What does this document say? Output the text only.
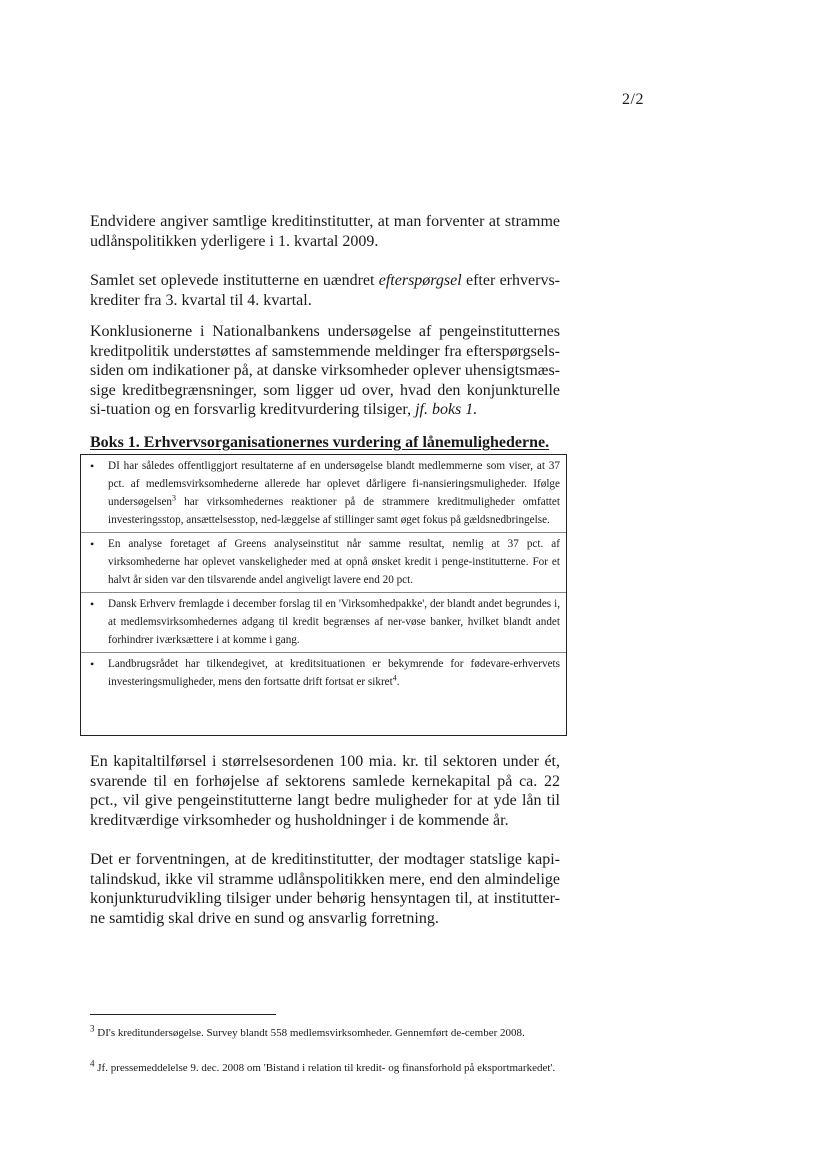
2/2

Endvidere angiver samtlige kreditinstitutter, at man forventer at stramme udlånspolitikken yderligere i 1. kvartal 2009.

Samlet set oplevede institutterne en uændret efterspørgsel efter erhvervs-krediter fra 3. kvartal til 4. kvartal.

Konklusionerne i Nationalbankens undersøgelse af pengeinstitutternes kreditpolitik understøttes af samstemmende meldinger fra efterspørgsels-siden om indikationer på, at danske virksomheder oplever uhensigtsmæs-sige kreditbegrænsninger, som ligger ud over, hvad den konjunkturelle si-tuation og en forsvarlig kreditvurdering tilsiger, jf. boks 1.

Boks 1. Erhvervsorganisationernes vurdering af lånemulighederne.

• DI har således offentliggjort resultaterne af en undersøgelse blandt medlemmerne som viser, at 37 pct. af medlemsvirksomhederne allerede har oplevet dårligere fi-nansieringsmuligheder. Ifølge undersøgelsen$^3$ har virksomhedernes reaktioner på de strammere kreditmuligheder omfattet investeringsstop, ansættelsesstop, ned-læggelse af stillinger samt øget fokus på gældsnedbringelse.
• En analyse foretaget af Greens analyseinstitut når samme resultat, nemlig at 37 pct. af virksomhederne har oplevet vanskeligheder med at opnå ønsket kredit i penge-institutterne. For et halvt år siden var den tilsvarende andel angiveligt lavere end 20 pct.
• Dansk Erhverv fremlagde i december forslag til en 'Virksomhedpakke', der blandt andet begrundes i, at medlemsvirksomhedernes adgang til kredit begrænses af ner-vøse banker, hvilket blandt andet forhindrer iværksættere i at komme i gang.
• Landbrugsrådet har tilkendegivet, at kreditsituationen er bekymrende for fødevare-erhvervets investeringsmuligheder, mens den fortsatte drift fortsat er sikret$^4$.

En kapitaltilførsel i størrelsesordenen 100 mia. kr. til sektoren under ét, svarende til en forhøjelse af sektorens samlede kernekapital på ca. 22 pct., vil give pengeinstitutterne langt bedre muligheder for at yde lån til kreditværdige virksomheder og husholdninger i de kommende år.

Det er forventningen, at de kreditinstitutter, der modtager statslige kapi-talindskud, ikke vil stramme udlånspolitikken mere, end den almindelige konjunkturudvikling tilsiger under behørig hensyntagen til, at institutter-ne samtidig skal drive en sund og ansvarlig forretning.

$^3$ DI's kreditundersøgelse. Survey blandt 558 medlemsvirksomheder. Gennemført de-cember 2008.

$^4$ Jf. pressemeddelelse 9. dec. 2008 om 'Bistand i relation til kredit- og finansforhold på eksportmarkedet'.
